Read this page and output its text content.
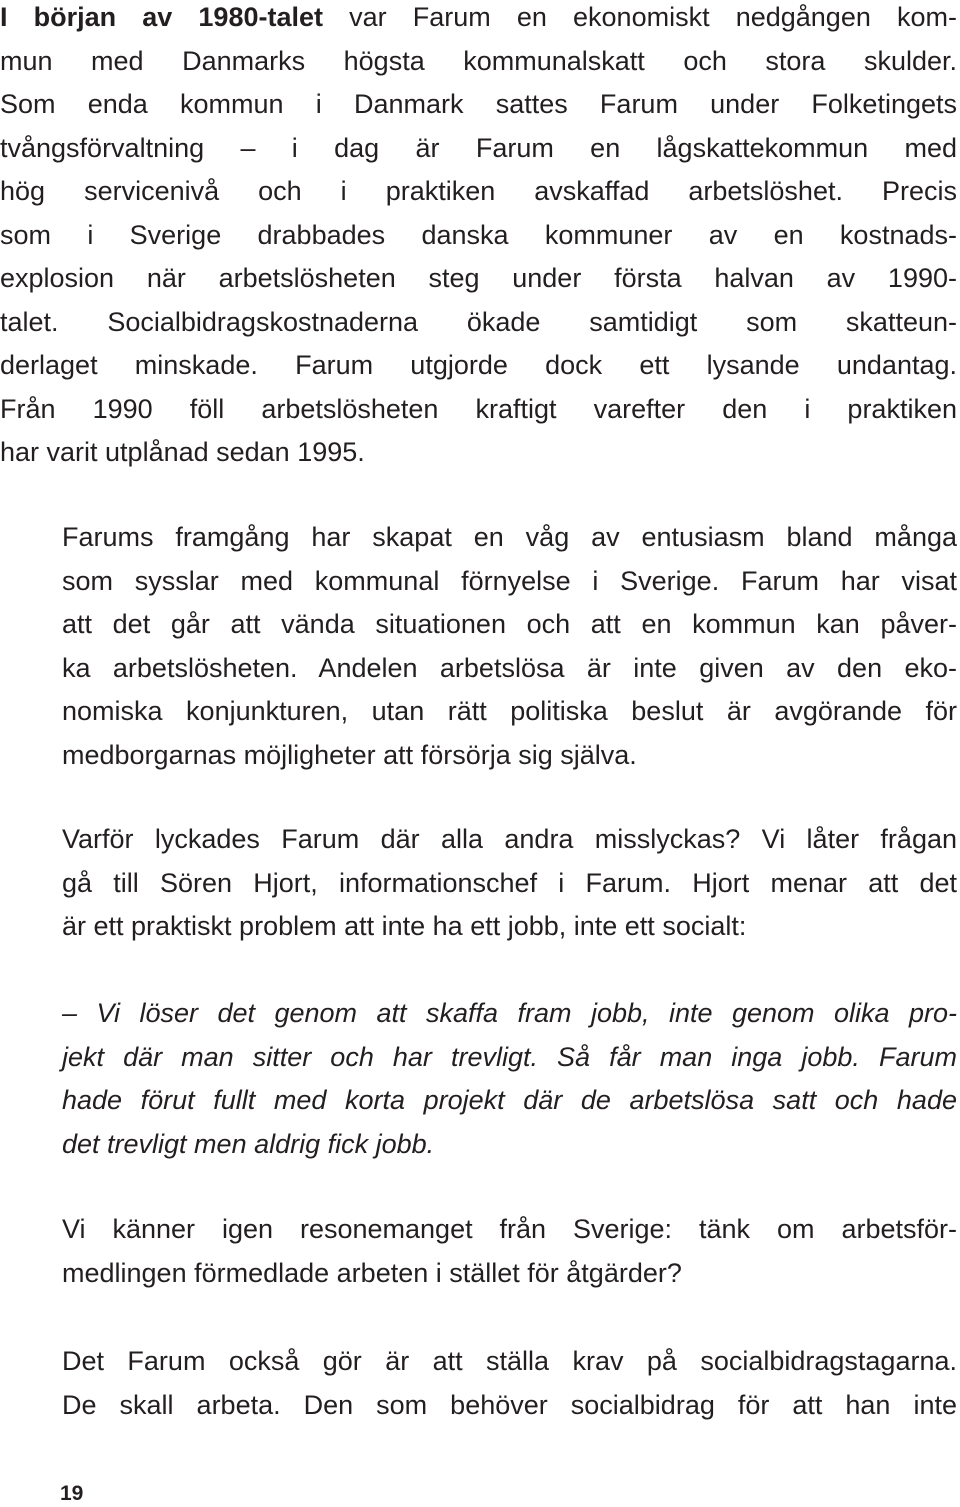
I början av 1980-talet var Farum en ekonomiskt nedgången kom-
mun med Danmarks högsta kommunalskatt och stora skulder.
Som enda kommun i Danmark sattes Farum under Folketingets
tvångsförvaltning – i dag är Farum en lågskattekommun med
hög servicenivå och i praktiken avskaffad arbetslöshet. Precis
som i Sverige drabbades danska kommuner av en kostnads-
explosion när arbetslösheten steg under första halvan av 1990-
talet. Socialbidragskostnaderna ökade samtidigt som skatteun-
derlaget minskade. Farum utgjorde dock ett lysande undantag.
Från 1990 föll arbetslösheten kraftigt varefter den i praktiken
har varit utplånad sedan 1995.

Farums framgång har skapat en våg av entusiasm bland många
som sysslar med kommunal förnyelse i Sverige. Farum har visat
att det går att vända situationen och att en kommun kan påver-
ka arbetslösheten. Andelen arbetslösa är inte given av den eko-
nomiska konjunkturen, utan rätt politiska beslut är avgörande för
medborgarnas möjligheter att försörja sig själva.

Varför lyckades Farum där alla andra misslyckas? Vi låter frågan
gå till Sören Hjort, informationschef i Farum. Hjort menar att det
är ett praktiskt problem att inte ha ett jobb, inte ett socialt:

– Vi löser det genom att skaffa fram jobb, inte genom olika pro-
jekt där man sitter och har trevligt. Så får man inga jobb. Farum
hade förut fullt med korta projekt där de arbetslösa satt och hade
det trevligt men aldrig fick jobb.

Vi känner igen resonemanget från Sverige: tänk om arbetsför-
medlingen förmedlade arbeten i stället för åtgärder?

Det Farum också gör är att ställa krav på socialbidragstagarna.
De skall arbeta. Den som behöver socialbidrag för att han inte

19
